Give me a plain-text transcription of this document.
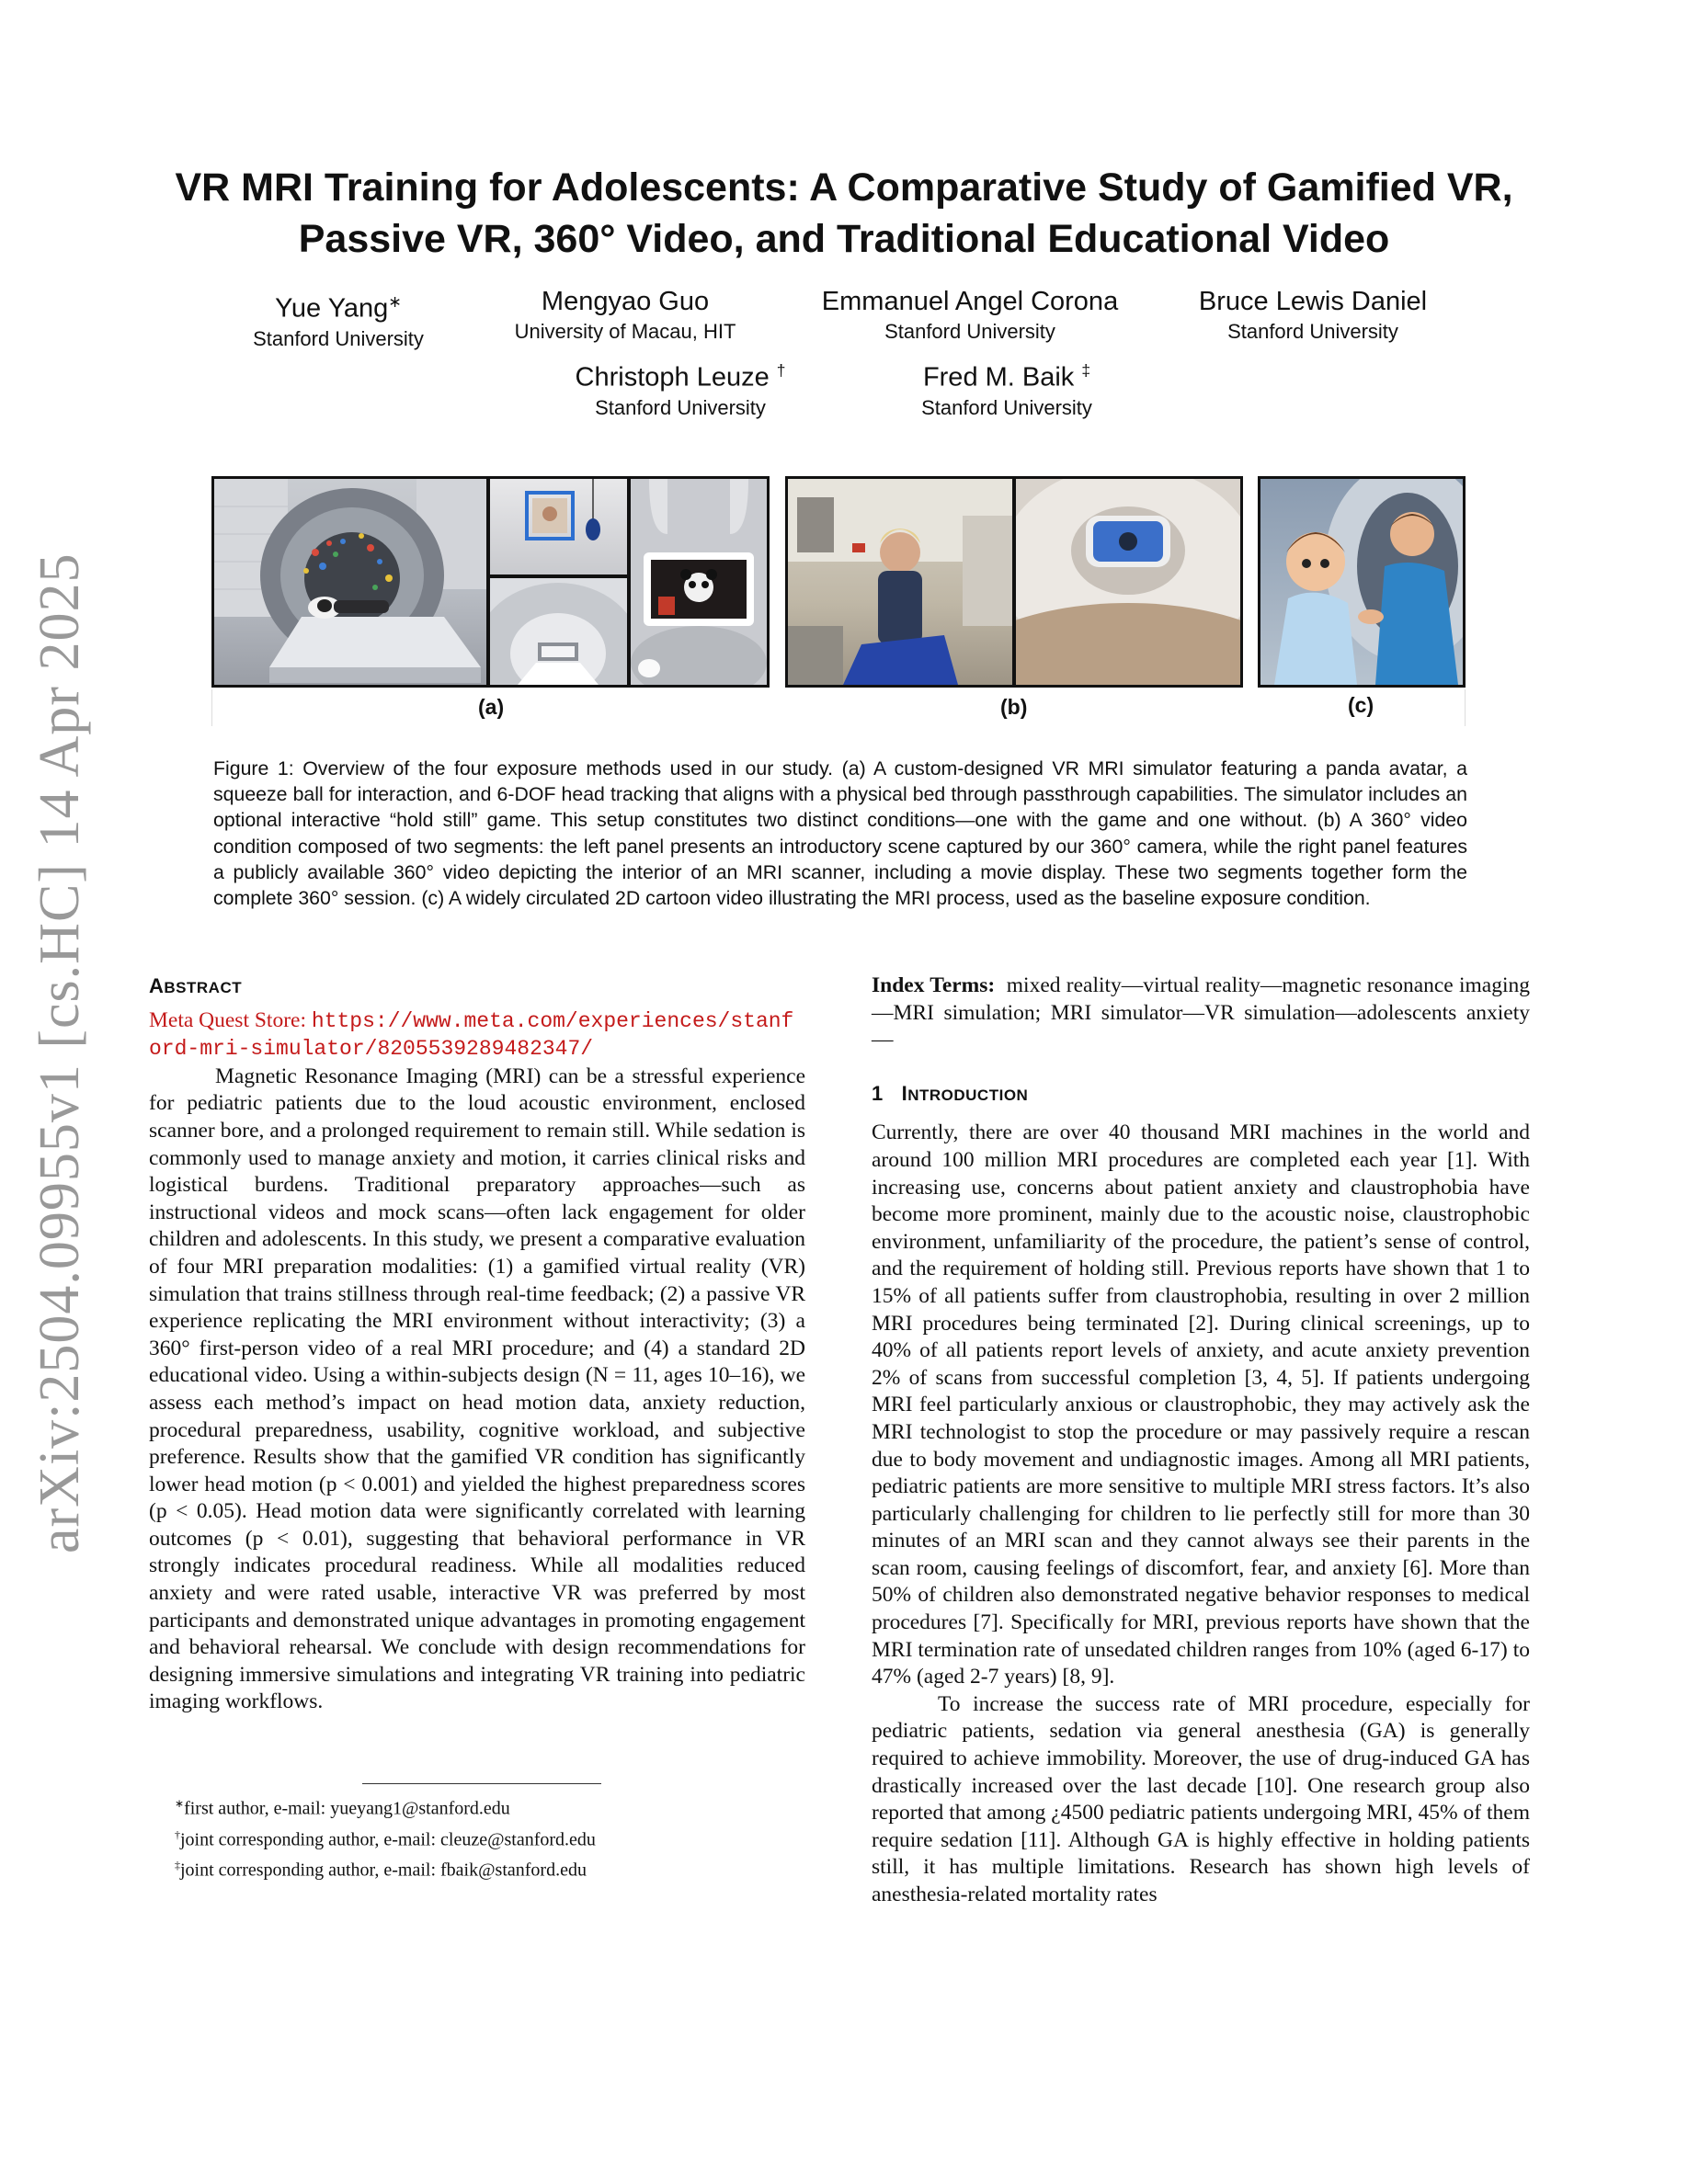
arXiv:2504.09955v1 [cs.HC] 14 Apr 2025
VR MRI Training for Adolescents: A Comparative Study of Gamified VR,
Passive VR, 360° Video, and Traditional Educational Video
Yue Yang∗
Stanford University
Mengyao Guo
University of Macau, HIT
Emmanuel Angel Corona
Stanford University
Bruce Lewis Daniel
Stanford University
Christoph Leuze †
Stanford University
Fred M. Baik ‡
Stanford University
(a)	(b)	(c)
Figure 1: Overview of the four exposure methods used in our study. (a) A custom-designed VR MRI simulator featuring a panda avatar, a squeeze ball for interaction, and 6-DOF head tracking that aligns with a physical bed through passthrough capabilities. The simulator includes an optional interactive “hold still” game. This setup constitutes two distinct conditions—one with the game and one without. (b) A 360° video condition composed of two segments: the left panel presents an introductory scene captured by our 360° camera, while the right panel features a publicly available 360° video depicting the interior of an MRI scanner, including a movie display. These two segments together form the complete 360° session. (c) A widely circulated 2D cartoon video illustrating the MRI process, used as the baseline exposure condition.
ABSTRACT
Meta Quest Store: https://www.meta.com/experiences/stanford-mri-simulator/8205539289482347/
Magnetic Resonance Imaging (MRI) can be a stressful experience for pediatric patients due to the loud acoustic environment, enclosed scanner bore, and a prolonged requirement to remain still. While sedation is commonly used to manage anxiety and motion, it carries clinical risks and logistical burdens. Traditional preparatory approaches—such as instructional videos and mock scans—often lack engagement for older children and adolescents. In this study, we present a comparative evaluation of four MRI preparation modalities: (1) a gamified virtual reality (VR) simulation that trains stillness through real-time feedback; (2) a passive VR experience replicating the MRI environment without interactivity; (3) a 360° first-person video of a real MRI procedure; and (4) a standard 2D educational video. Using a within-subjects design (N = 11, ages 10–16), we assess each method’s impact on head motion data, anxiety reduction, procedural preparedness, usability, cognitive workload, and subjective preference. Results show that the gamified VR condition has significantly lower head motion (p < 0.001) and yielded the highest preparedness scores (p < 0.05). Head motion data were significantly correlated with learning outcomes (p < 0.01), suggesting that behavioral performance in VR strongly indicates procedural readiness. While all modalities reduced anxiety and were rated usable, interactive VR was preferred by most participants and demonstrated unique advantages in promoting engagement and behavioral rehearsal. We conclude with design recommendations for designing immersive simulations and integrating VR training into pediatric imaging workflows.
∗first author, e-mail: yueyang1@stanford.edu
†joint corresponding author, e-mail: cleuze@stanford.edu
‡joint corresponding author, e-mail: fbaik@stanford.edu
Index Terms: mixed reality—virtual reality—magnetic resonance imaging—MRI simulation; MRI simulator—VR simulation—adolescents anxiety—
1 INTRODUCTION
Currently, there are over 40 thousand MRI machines in the world and around 100 million MRI procedures are completed each year [1]. With increasing use, concerns about patient anxiety and claustrophobia have become more prominent, mainly due to the acoustic noise, claustrophobic environment, unfamiliarity of the procedure, the patient’s sense of control, and the requirement of holding still. Previous reports have shown that 1 to 15% of all patients suffer from claustrophobia, resulting in over 2 million MRI procedures being terminated [2]. During clinical screenings, up to 40% of all patients report levels of anxiety, and acute anxiety prevention 2% of scans from successful completion [3, 4, 5]. If patients undergoing MRI feel particularly anxious or claustrophobic, they may actively ask the MRI technologist to stop the procedure or may passively require a rescan due to body movement and undiagnostic images. Among all MRI patients, pediatric patients are more sensitive to multiple MRI stress factors. It’s also particularly challenging for children to lie perfectly still for more than 30 minutes of an MRI scan and they cannot always see their parents in the scan room, causing feelings of discomfort, fear, and anxiety [6]. More than 50% of children also demonstrated negative behavior responses to medical procedures [7]. Specifically for MRI, previous reports have shown that the MRI termination rate of unsedated children ranges from 10% (aged 6-17) to 47% (aged 2-7 years) [8, 9].
To increase the success rate of MRI procedure, especially for pediatric patients, sedation via general anesthesia (GA) is generally required to achieve immobility. Moreover, the use of drug-induced GA has drastically increased over the last decade [10]. One research group also reported that among ¿4500 pediatric patients undergoing MRI, 45% of them require sedation [11]. Although GA is highly effective in holding patients still, it has multiple limitations. Research has shown high levels of anesthesia-related mortality rates
